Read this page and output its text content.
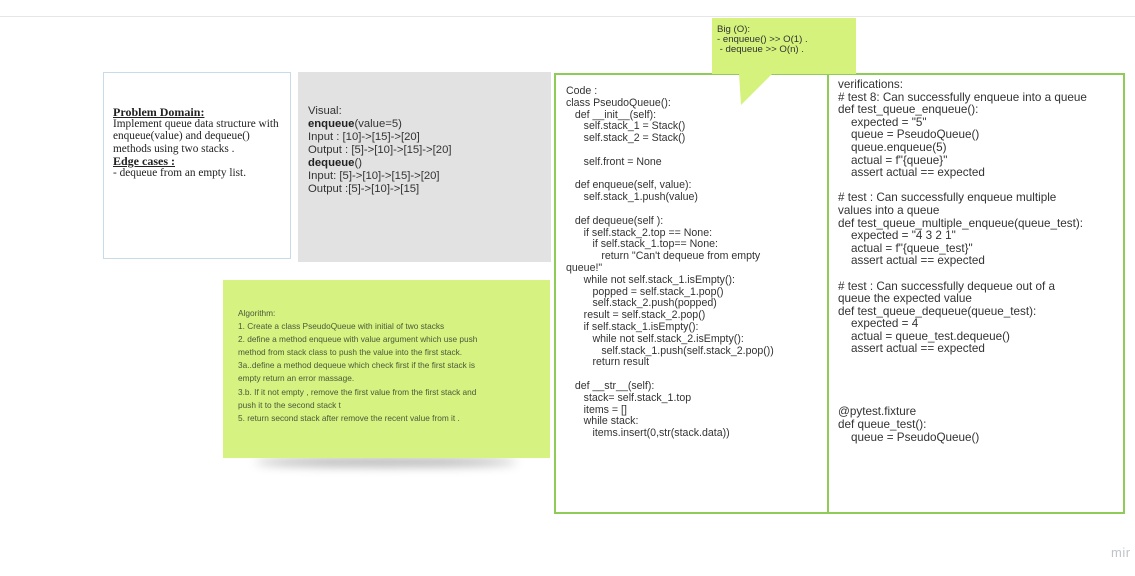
Problem Domain:
Implement queue data structure with enqueue(value) and dequeue() methods using two stacks .
Edge cases :
- dequeue from an empty list.
Visual:
enqueue(value=5)
Input : [10]->[15]->[20]
Output : [5]->[10]->[15]->[20]
dequeue()
Input: [5]->[10]->[15]->[20]
Output :[5]->[10]->[15]
Algorithm:
1. Create a class PseudoQueue with initial of two stacks
2. define a method enqueue with value argument which use push
method from stack class to push the value into the first stack.
3a..define a method dequeue which check first if the first stack is
empty return an error massage.
3.b. If it not empty , remove the first value from the first stack and
push it to the second stack t
5. return second stack after remove the recent value from it .
Code :
class PseudoQueue():
def __init__(self):
self.stack_1 = Stack()
self.stack_2 = Stack()
self.front = None
def enqueue(self, value):
self.stack_1.push(value)
def dequeue(self ):
if self.stack_2.top == None:
if self.stack_1.top== None:
return "Can't dequeue from empty
queue!"
while not self.stack_1.isEmpty():
popped = self.stack_1.pop()
self.stack_2.push(popped)
result = self.stack_2.pop()
if self.stack_1.isEmpty():
while not self.stack_2.isEmpty():
self.stack_1.push(self.stack_2.pop())
return result
def __str__(self):
stack= self.stack_1.top
items = []
while stack:
items.insert(0,str(stack.data))
verifications:
# test 8: Can successfully enqueue into a queue
def test_queue_enqueue():
expected = "5"
queue = PseudoQueue()
queue.enqueue(5)
actual = f"{queue}"
assert actual == expected
# test : Can successfully enqueue multiple
values into a queue
def test_queue_multiple_enqueue(queue_test):
expected = "4 3 2 1"
actual = f"{queue_test}"
assert actual == expected
# test : Can successfully dequeue out of a
queue the expected value
def test_queue_dequeue(queue_test):
expected = 4
actual = queue_test.dequeue()
assert actual == expected
@pytest.fixture
def queue_test():
queue = PseudoQueue()
Big (O):
- enqueue() >> O(1) .
- dequeue >> O(n) .
mir
